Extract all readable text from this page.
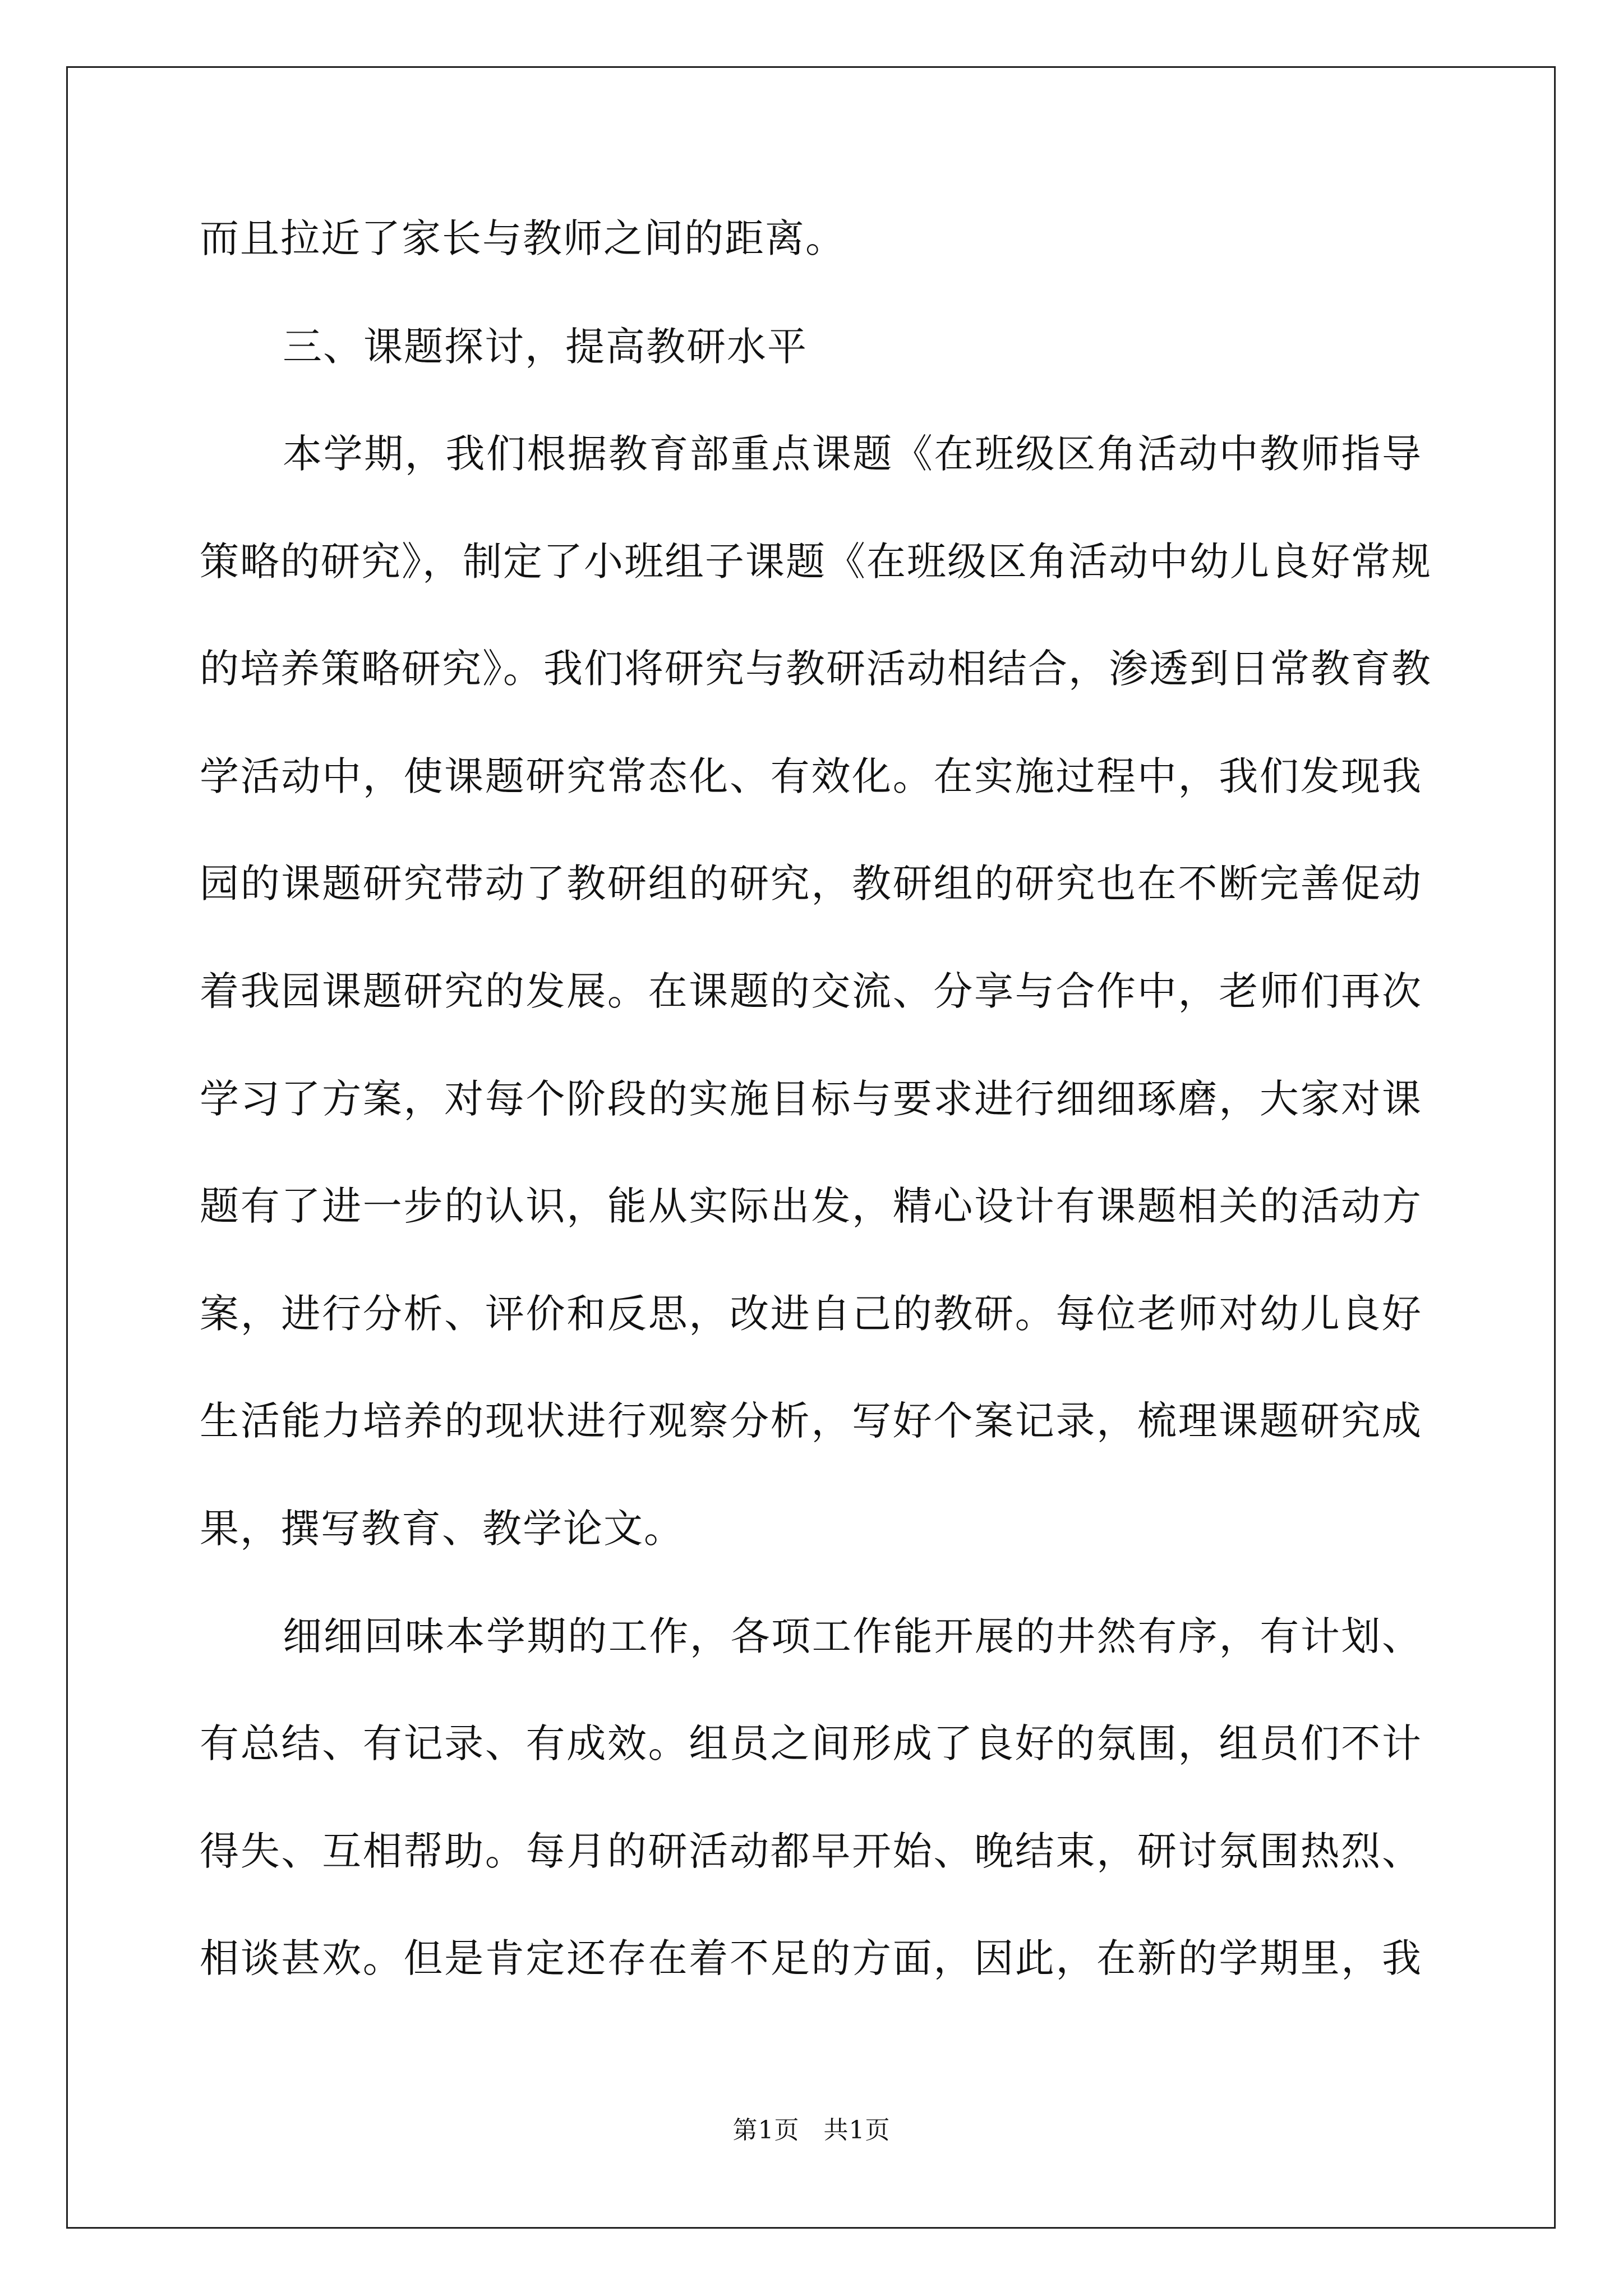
而且拉近了家长与教师之间的距离。
三、课题探讨，提高教研水平
本学期，我们根据教育部重点课题《在班级区角活动中教师指导
策略的研究》，制定了小班组子课题《在班级区角活动中幼儿良好常规
的培养策略研究》。我们将研究与教研活动相结合，渗透到日常教育教
学活动中，使课题研究常态化、有效化。在实施过程中，我们发现我
园的课题研究带动了教研组的研究，教研组的研究也在不断完善促动
着我园课题研究的发展。在课题的交流、分享与合作中，老师们再次
学习了方案，对每个阶段的实施目标与要求进行细细琢磨，大家对课
题有了进一步的认识，能从实际出发，精心设计有课题相关的活动方
案，进行分析、评价和反思，改进自己的教研。每位老师对幼儿良好
生活能力培养的现状进行观察分析，写好个案记录，梳理课题研究成
果，撰写教育、教学论文。
细细回味本学期的工作，各项工作能开展的井然有序，有计划、
有总结、有记录、有成效。组员之间形成了良好的氛围，组员们不计
得失、互相帮助。每月的研活动都早开始、晚结束，研讨氛围热烈、
相谈甚欢。但是肯定还存在着不足的方面，因此，在新的学期里，我
第1页 共1页
